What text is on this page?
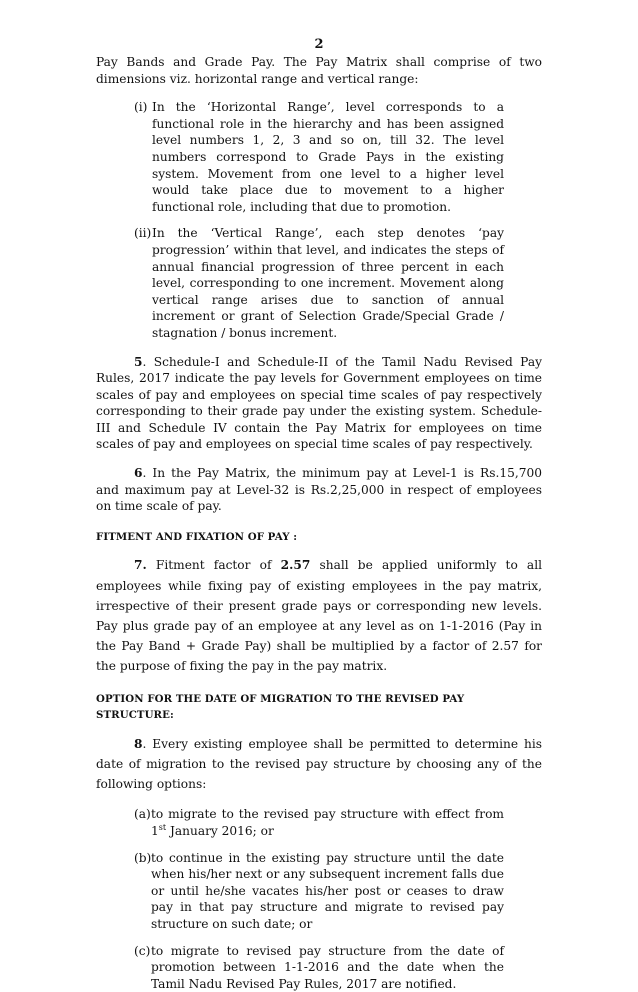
2

Pay Bands and Grade Pay. The Pay Matrix shall comprise of two dimensions viz. horizontal range and vertical range:

(i) In the ‘Horizontal Range’, level corresponds to a functional role in the hierarchy and has been assigned level numbers 1, 2, 3 and so on, till 32. The level numbers correspond to Grade Pays in the existing system. Movement from one level to a higher level would take place due to movement to a higher functional role, including that due to promotion.
(ii) In the ‘Vertical Range’, each step denotes ‘pay progression’ within that level, and indicates the steps of annual financial progression of three percent in each level, corresponding to one increment. Movement along vertical range arises due to sanction of annual increment or grant of Selection Grade/Special Grade / stagnation / bonus increment.

5. Schedule-I and Schedule-II of the Tamil Nadu Revised Pay Rules, 2017 indicate the pay levels for Government employees on time scales of pay and employees on special time scales of pay respectively corresponding to their grade pay under the existing system. Schedule-III and Schedule IV contain the Pay Matrix for employees on time scales of pay and employees on special time scales of pay respectively.

6. In the Pay Matrix, the minimum pay at Level-1 is Rs.15,700 and maximum pay at Level-32 is Rs.2,25,000 in respect of employees on time scale of pay.

FITMENT AND FIXATION OF PAY :

7. Fitment factor of 2.57 shall be applied uniformly to all employees while fixing pay of existing employees in the pay matrix, irrespective of their present grade pays or corresponding new levels. Pay plus grade pay of an employee at any level as on 1-1-2016 (Pay in the Pay Band + Grade Pay) shall be multiplied by a factor of 2.57 for the purpose of fixing the pay in the pay matrix.

OPTION FOR THE DATE OF MIGRATION TO THE REVISED PAY STRUCTURE:

8. Every existing employee shall be permitted to determine his date of migration to the revised pay structure by choosing any of the following options:

(a) to migrate to the revised pay structure with effect from 1st January 2016; or
(b) to continue in the existing pay structure until the date when his/her next or any subsequent increment falls due or until he/she vacates his/her post or ceases to draw pay in that pay structure and migrate to revised pay structure on such date; or
(c) to migrate to revised pay structure from the date of promotion between 1-1-2016 and the date when the Tamil Nadu Revised Pay Rules, 2017 are notified.
